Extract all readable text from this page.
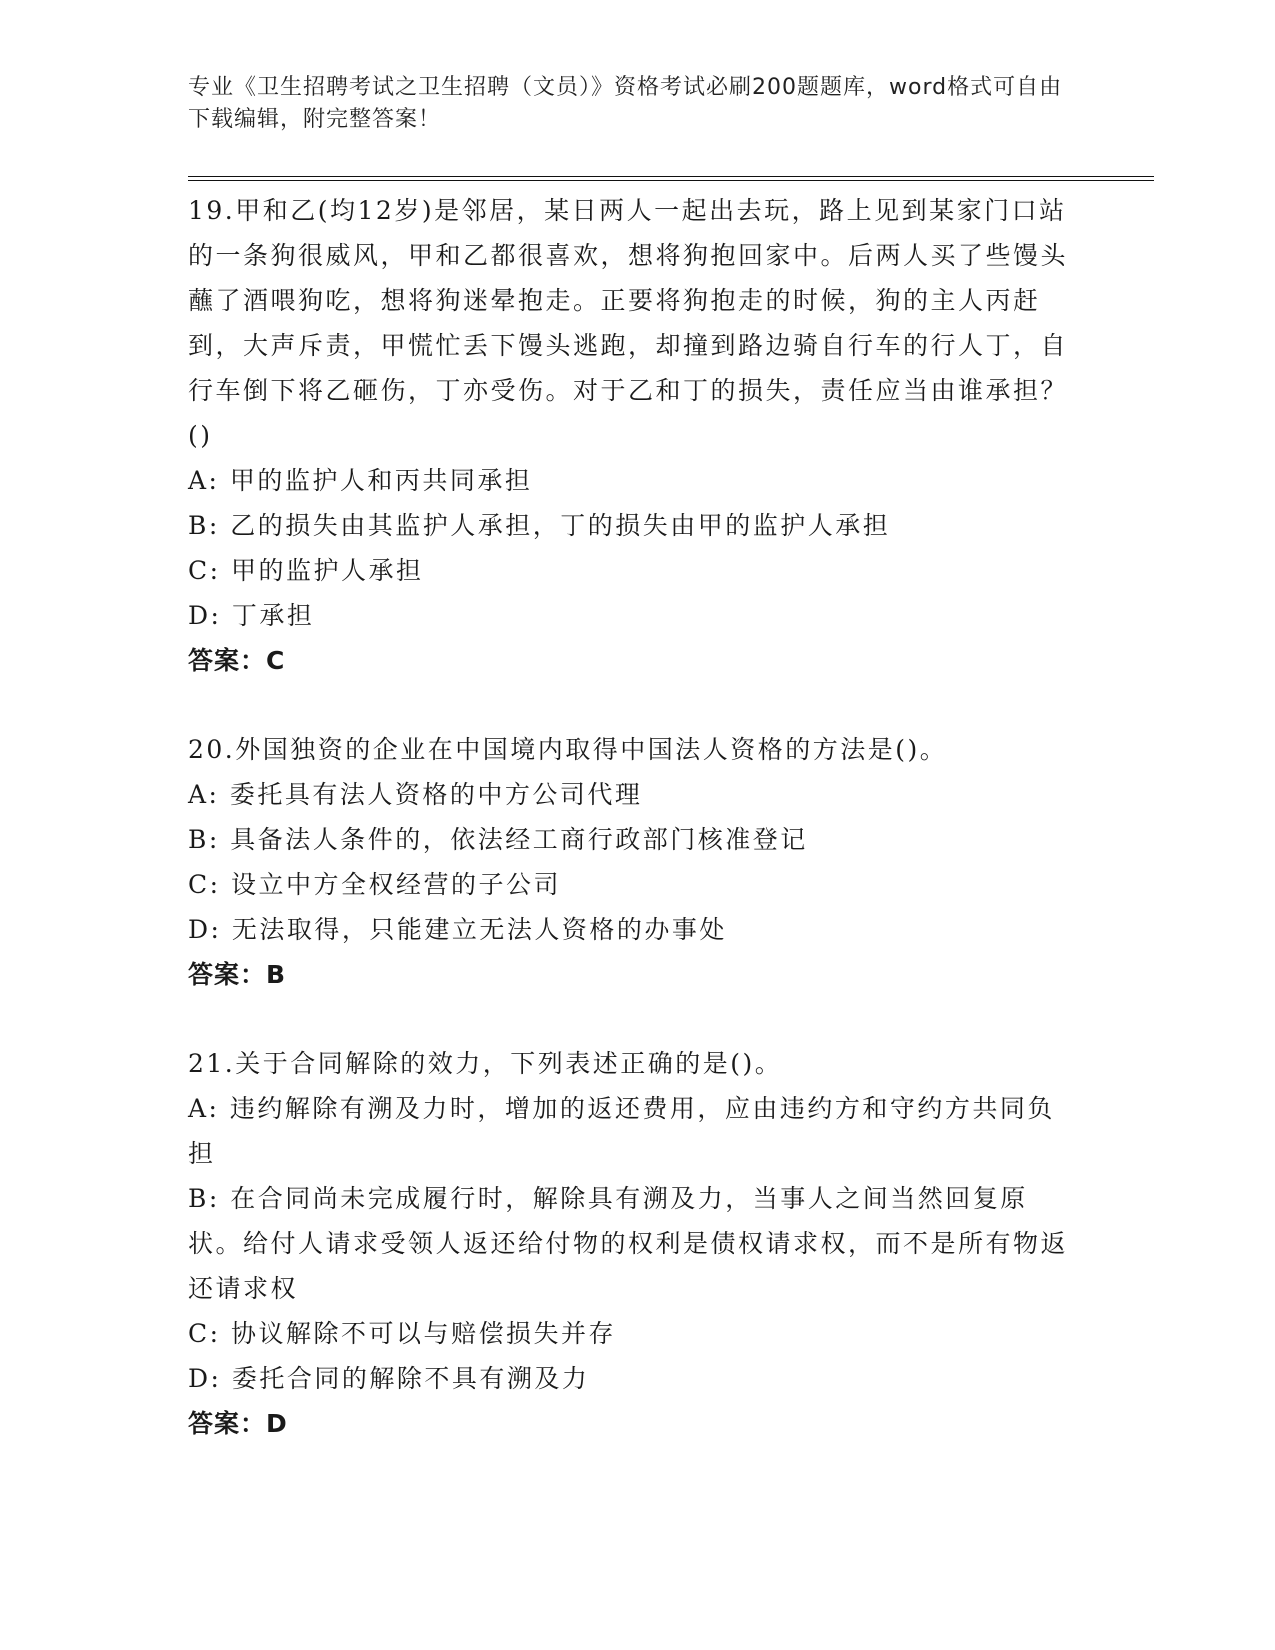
专业《卫生招聘考试之卫生招聘（文员）》资格考试必刷200题题库，word格式可自由下载编辑，附完整答案！

19.甲和乙(均12岁)是邻居，某日两人一起出去玩，路上见到某家门口站的一条狗很威风，甲和乙都很喜欢，想将狗抱回家中。后两人买了些馒头蘸了酒喂狗吃，想将狗迷晕抱走。正要将狗抱走的时候，狗的主人丙赶到，大声斥责，甲慌忙丢下馒头逃跑，却撞到路边骑自行车的行人丁，自行车倒下将乙砸伤，丁亦受伤。对于乙和丁的损失，责任应当由谁承担？()

A: 甲的监护人和丙共同承担

B: 乙的损失由其监护人承担，丁的损失由甲的监护人承担

C: 甲的监护人承担

D: 丁承担

答案：C

20.外国独资的企业在中国境内取得中国法人资格的方法是()。

A: 委托具有法人资格的中方公司代理

B: 具备法人条件的，依法经工商行政部门核准登记

C: 设立中方全权经营的子公司

D: 无法取得，只能建立无法人资格的办事处

答案：B

21.关于合同解除的效力，下列表述正确的是()。

A: 违约解除有溯及力时，增加的返还费用，应由违约方和守约方共同负担

B: 在合同尚未完成履行时，解除具有溯及力，当事人之间当然回复原状。给付人请求受领人返还给付物的权利是债权请求权，而不是所有物返还请求权

C: 协议解除不可以与赔偿损失并存

D: 委托合同的解除不具有溯及力

答案：D
